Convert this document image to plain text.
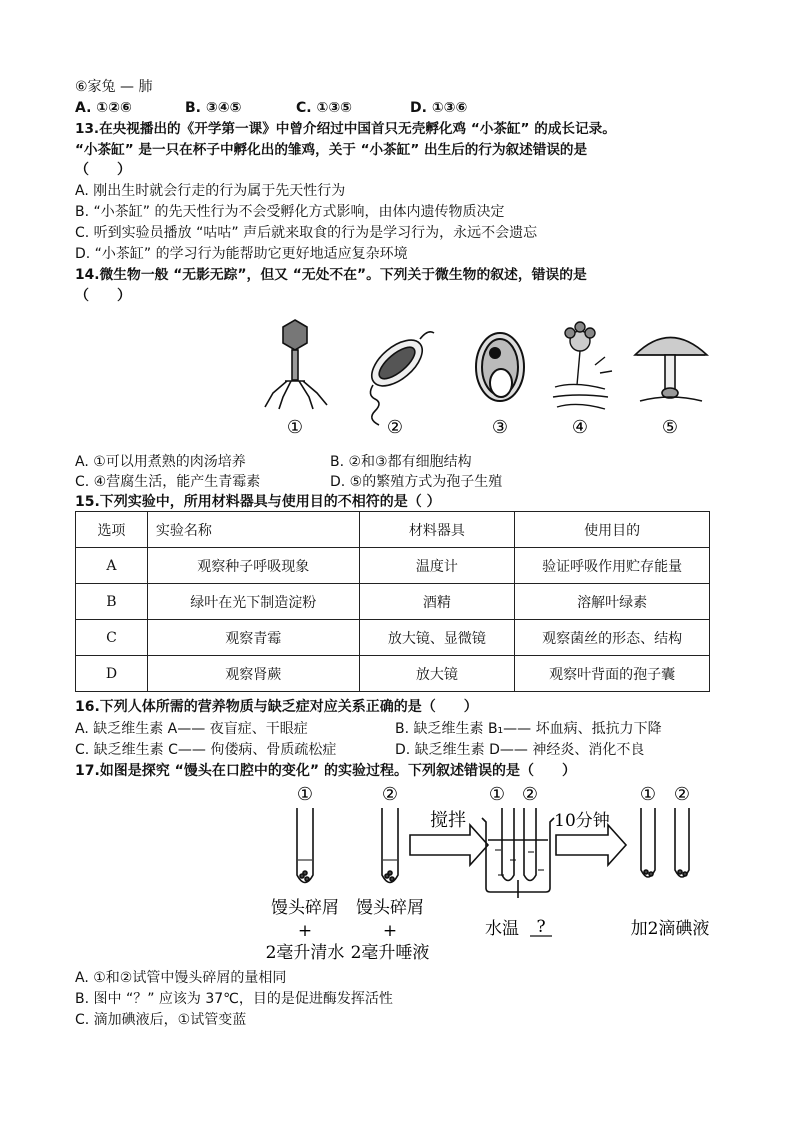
⑥家兔 — 肺
A. ①②⑥	B. ③④⑤	C. ①③⑤	D. ①③⑥
13.在央视播出的《开学第一课》中曾介绍过中国首只无壳孵化鸡 “小茶缸” 的成长记录。
“小茶缸” 是一只在杯子中孵化出的雏鸡，关于 “小茶缸” 出生后的行为叙述错误的是
（　　）
A. 刚出生时就会行走的行为属于先天性行为
B. “小茶缸” 的先天性行为不会受孵化方式影响，由体内遗传物质决定
C. 听到实验员播放 “咕咕” 声后就来取食的行为是学习行为，永远不会遗忘
D. “小茶缸” 的学习行为能帮助它更好地适应复杂环境
14.微生物一般 “无影无踪”，但又 “无处不在”。下列关于微生物的叙述，错误的是
（　　）
①	②	③	④	⑤
A. ①可以用煮熟的肉汤培养	B. ②和③都有细胞结构
C. ④营腐生活，能产生青霉素	D. ⑤的繁殖方式为孢子生殖
15.下列实验中，所用材料器具与使用目的不相符的是（ ）
选项	实验名称	材料器具	使用目的
A	观察种子呼吸现象	温度计	验证呼吸作用贮存能量
B	绿叶在光下制造淀粉	酒精	溶解叶绿素
C	观察青霉	放大镜、显微镜	观察菌丝的形态、结构
D	观察肾蕨	放大镜	观察叶背面的孢子囊
16.下列人体所需的营养物质与缺乏症对应关系正确的是（　　）
A. 缺乏维生素 A—— 夜盲症、干眼症	B. 缺乏维生素 B₁—— 坏血病、抵抗力下降
C. 缺乏维生素 C—— 佝偻病、骨质疏松症	D. 缺乏维生素 D—— 神经炎、消化不良
17.如图是探究 “馒头在口腔中的变化” 的实验过程。下列叙述错误的是（　　）
①	②
搅拌
① ②
10分钟
① ②
馒头碎屑 馒头碎屑
+	+
2毫升清水 2毫升唾液
水温 ?	加2滴碘液
A. ①和②试管中馒头碎屑的量相同
B. 图中 “？” 应该为 37℃，目的是促进酶发挥活性
C. 滴加碘液后，①试管变蓝
